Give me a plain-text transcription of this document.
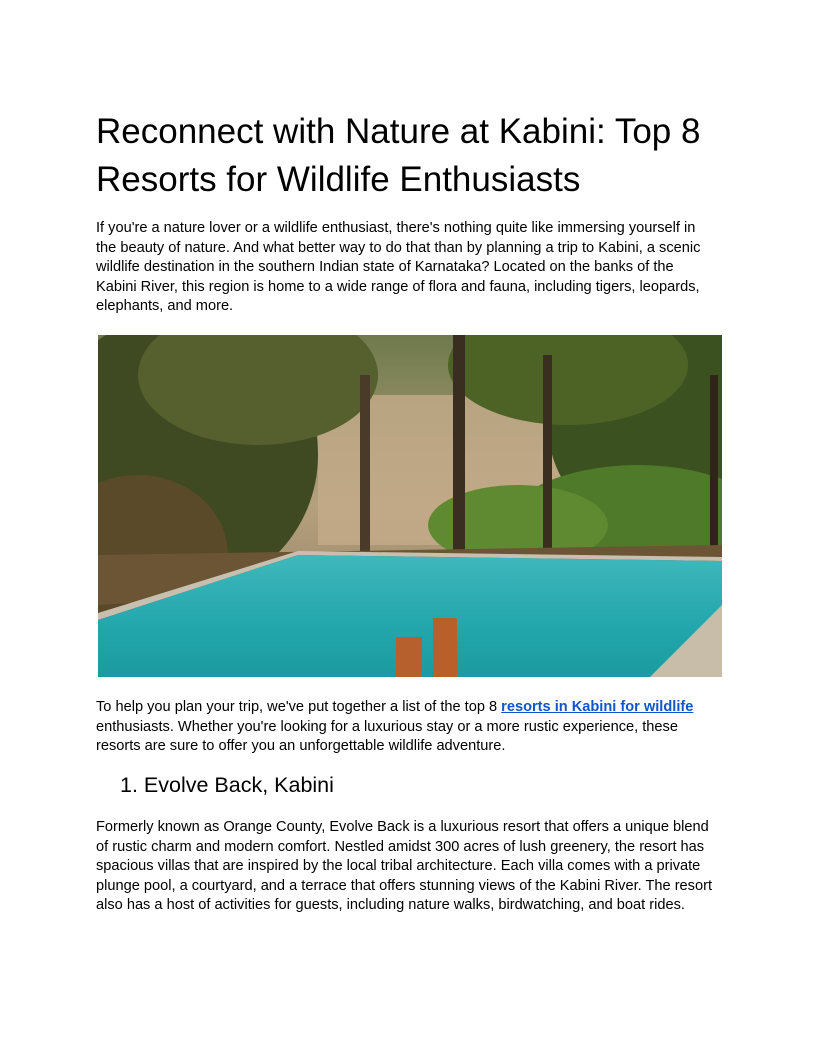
Reconnect with Nature at Kabini: Top 8 Resorts for Wildlife Enthusiasts

If you're a nature lover or a wildlife enthusiast, there's nothing quite like immersing yourself in the beauty of nature. And what better way to do that than by planning a trip to Kabini, a scenic wildlife destination in the southern Indian state of Karnataka? Located on the banks of the Kabini River, this region is home to a wide range of flora and fauna, including tigers, leopards, elephants, and more.

To help you plan your trip, we've put together a list of the top 8 resorts in Kabini for wildlife enthusiasts. Whether you're looking for a luxurious stay or a more rustic experience, these resorts are sure to offer you an unforgettable wildlife adventure.

1. Evolve Back, Kabini

Formerly known as Orange County, Evolve Back is a luxurious resort that offers a unique blend of rustic charm and modern comfort. Nestled amidst 300 acres of lush greenery, the resort has spacious villas that are inspired by the local tribal architecture. Each villa comes with a private plunge pool, a courtyard, and a terrace that offers stunning views of the Kabini River. The resort also has a host of activities for guests, including nature walks, birdwatching, and boat rides.
